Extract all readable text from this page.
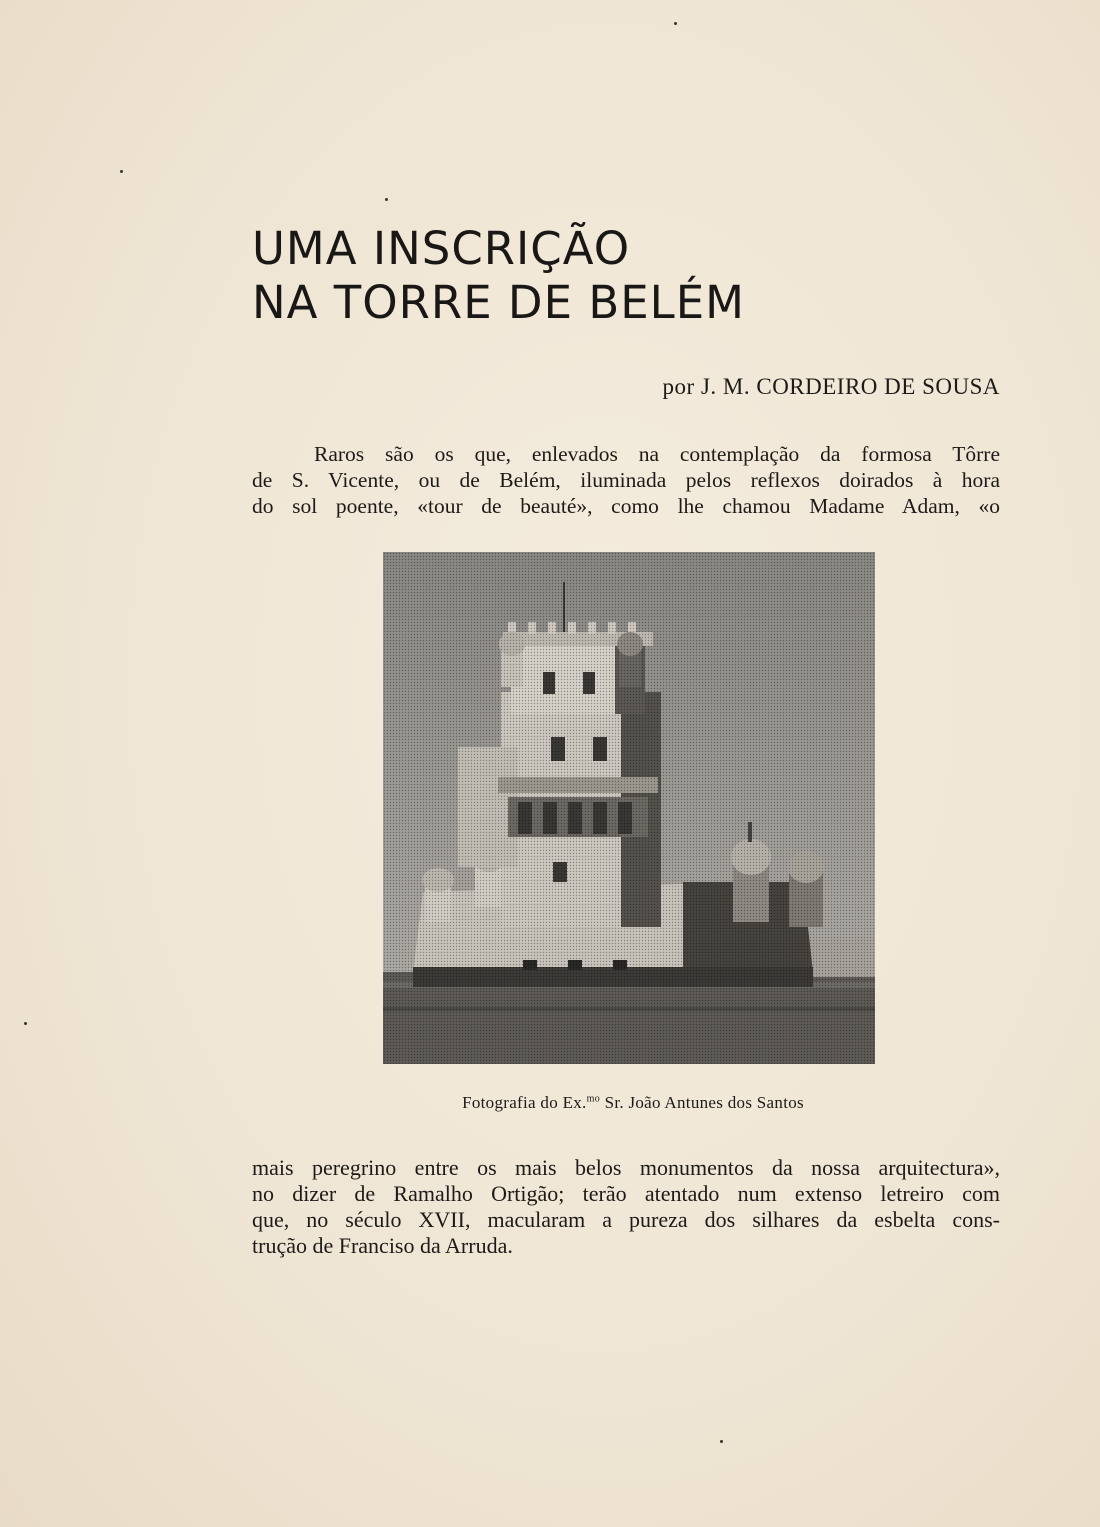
UMA INSCRIÇÃO
NA TORRE DE BELÉM
por J. M. CORDEIRO DE SOUSA
Raros são os que, enlevados na contemplação da formosa Tôrre
de S. Vicente, ou de Belém, iluminada pelos reflexos doirados à hora
do sol poente, «tour de beauté», como lhe chamou Madame Adam, «o
Fotografia do Ex.$^{mo}$ Sr. João Antunes dos Santos
mais peregrino entre os mais belos monumentos da nossa arquitectura»,
no dizer de Ramalho Ortigão; terão atentado num extenso letreiro com
que, no século XVII, macularam a pureza dos silhares da esbelta cons-
trução de Franciso da Arruda.
